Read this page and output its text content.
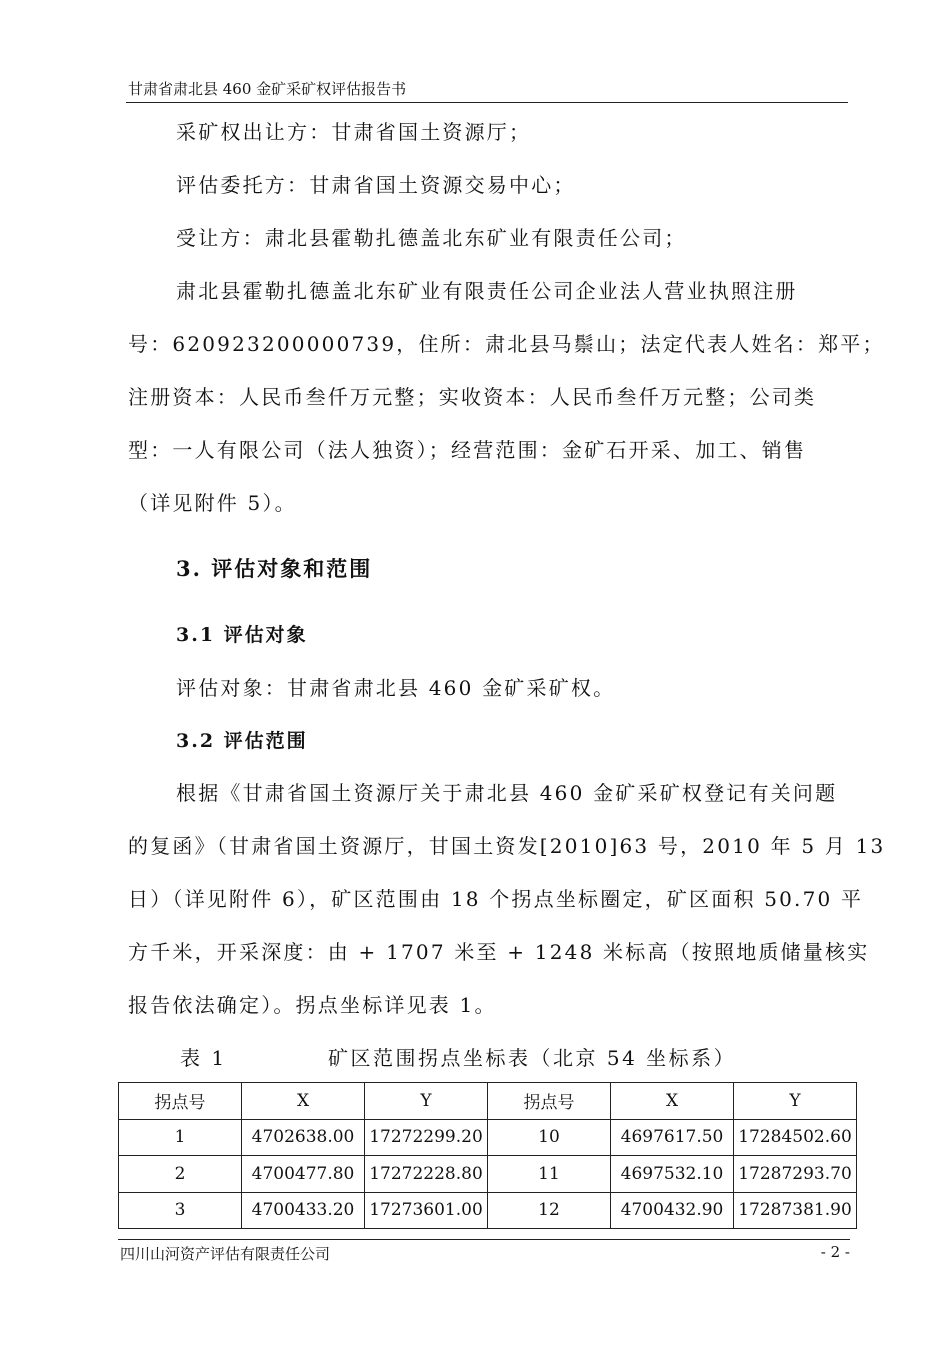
甘肃省肃北县 460 金矿采矿权评估报告书
采矿权出让方：甘肃省国土资源厅；
评估委托方：甘肃省国土资源交易中心；
受让方：肃北县霍勒扎德盖北东矿业有限责任公司；
肃北县霍勒扎德盖北东矿业有限责任公司企业法人营业执照注册
号：620923200000739，住所：肃北县马鬃山；法定代表人姓名：郑平；
注册资本：人民币叁仟万元整；实收资本：人民币叁仟万元整；公司类
型：一人有限公司（法人独资）；经营范围：金矿石开采、加工、销售
（详见附件 5）。
3. 评估对象和范围
3.1 评估对象
评估对象：甘肃省肃北县 460 金矿采矿权。
3.2 评估范围
根据《甘肃省国土资源厅关于肃北县 460 金矿采矿权登记有关问题
的复函》（甘肃省国土资源厅，甘国土资发[2010]63 号，2010 年 5 月 13
日）（详见附件 6），矿区范围由 18 个拐点坐标圈定，矿区面积 50.70 平
方千米，开采深度：由 + 1707 米至 + 1248 米标高（按照地质储量核实
报告依法确定）。拐点坐标详见表 1。
表 1	矿区范围拐点坐标表（北京 54 坐标系）
拐点号	X	Y	拐点号	X	Y
1	4702638.00	17272299.20	10	4697617.50	17284502.60
2	4700477.80	17272228.80	11	4697532.10	17287293.70
3	4700433.20	17273601.00	12	4700432.90	17287381.90
四川山河资产评估有限责任公司	- 2 -
